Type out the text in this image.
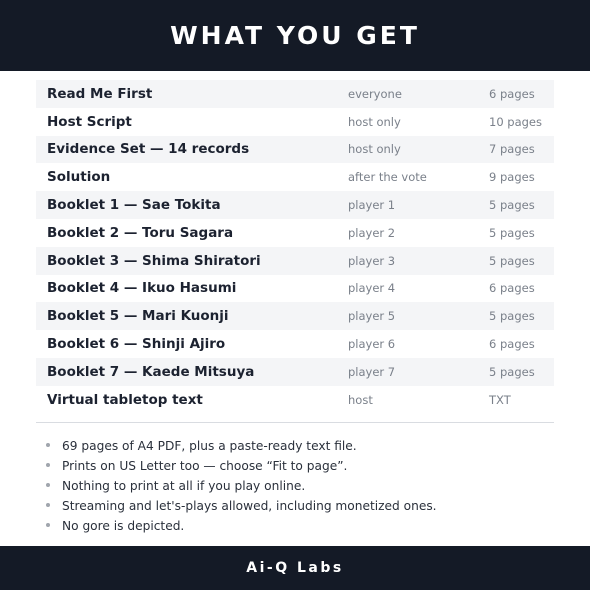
WHAT YOU GET
Read Me First	everyone	6 pages
Host Script	host only	10 pages
Evidence Set — 14 records	host only	7 pages
Solution	after the vote	9 pages
Booklet 1 — Sae Tokita	player 1	5 pages
Booklet 2 — Toru Sagara	player 2	5 pages
Booklet 3 — Shima Shiratori	player 3	5 pages
Booklet 4 — Ikuo Hasumi	player 4	6 pages
Booklet 5 — Mari Kuonji	player 5	5 pages
Booklet 6 — Shinji Ajiro	player 6	6 pages
Booklet 7 — Kaede Mitsuya	player 7	5 pages
Virtual tabletop text	host	TXT
69 pages of A4 PDF, plus a paste-ready text file.
Prints on US Letter too — choose “Fit to page”.
Nothing to print at all if you play online.
Streaming and let's-plays allowed, including monetized ones.
No gore is depicted.
Ai-Q Labs
